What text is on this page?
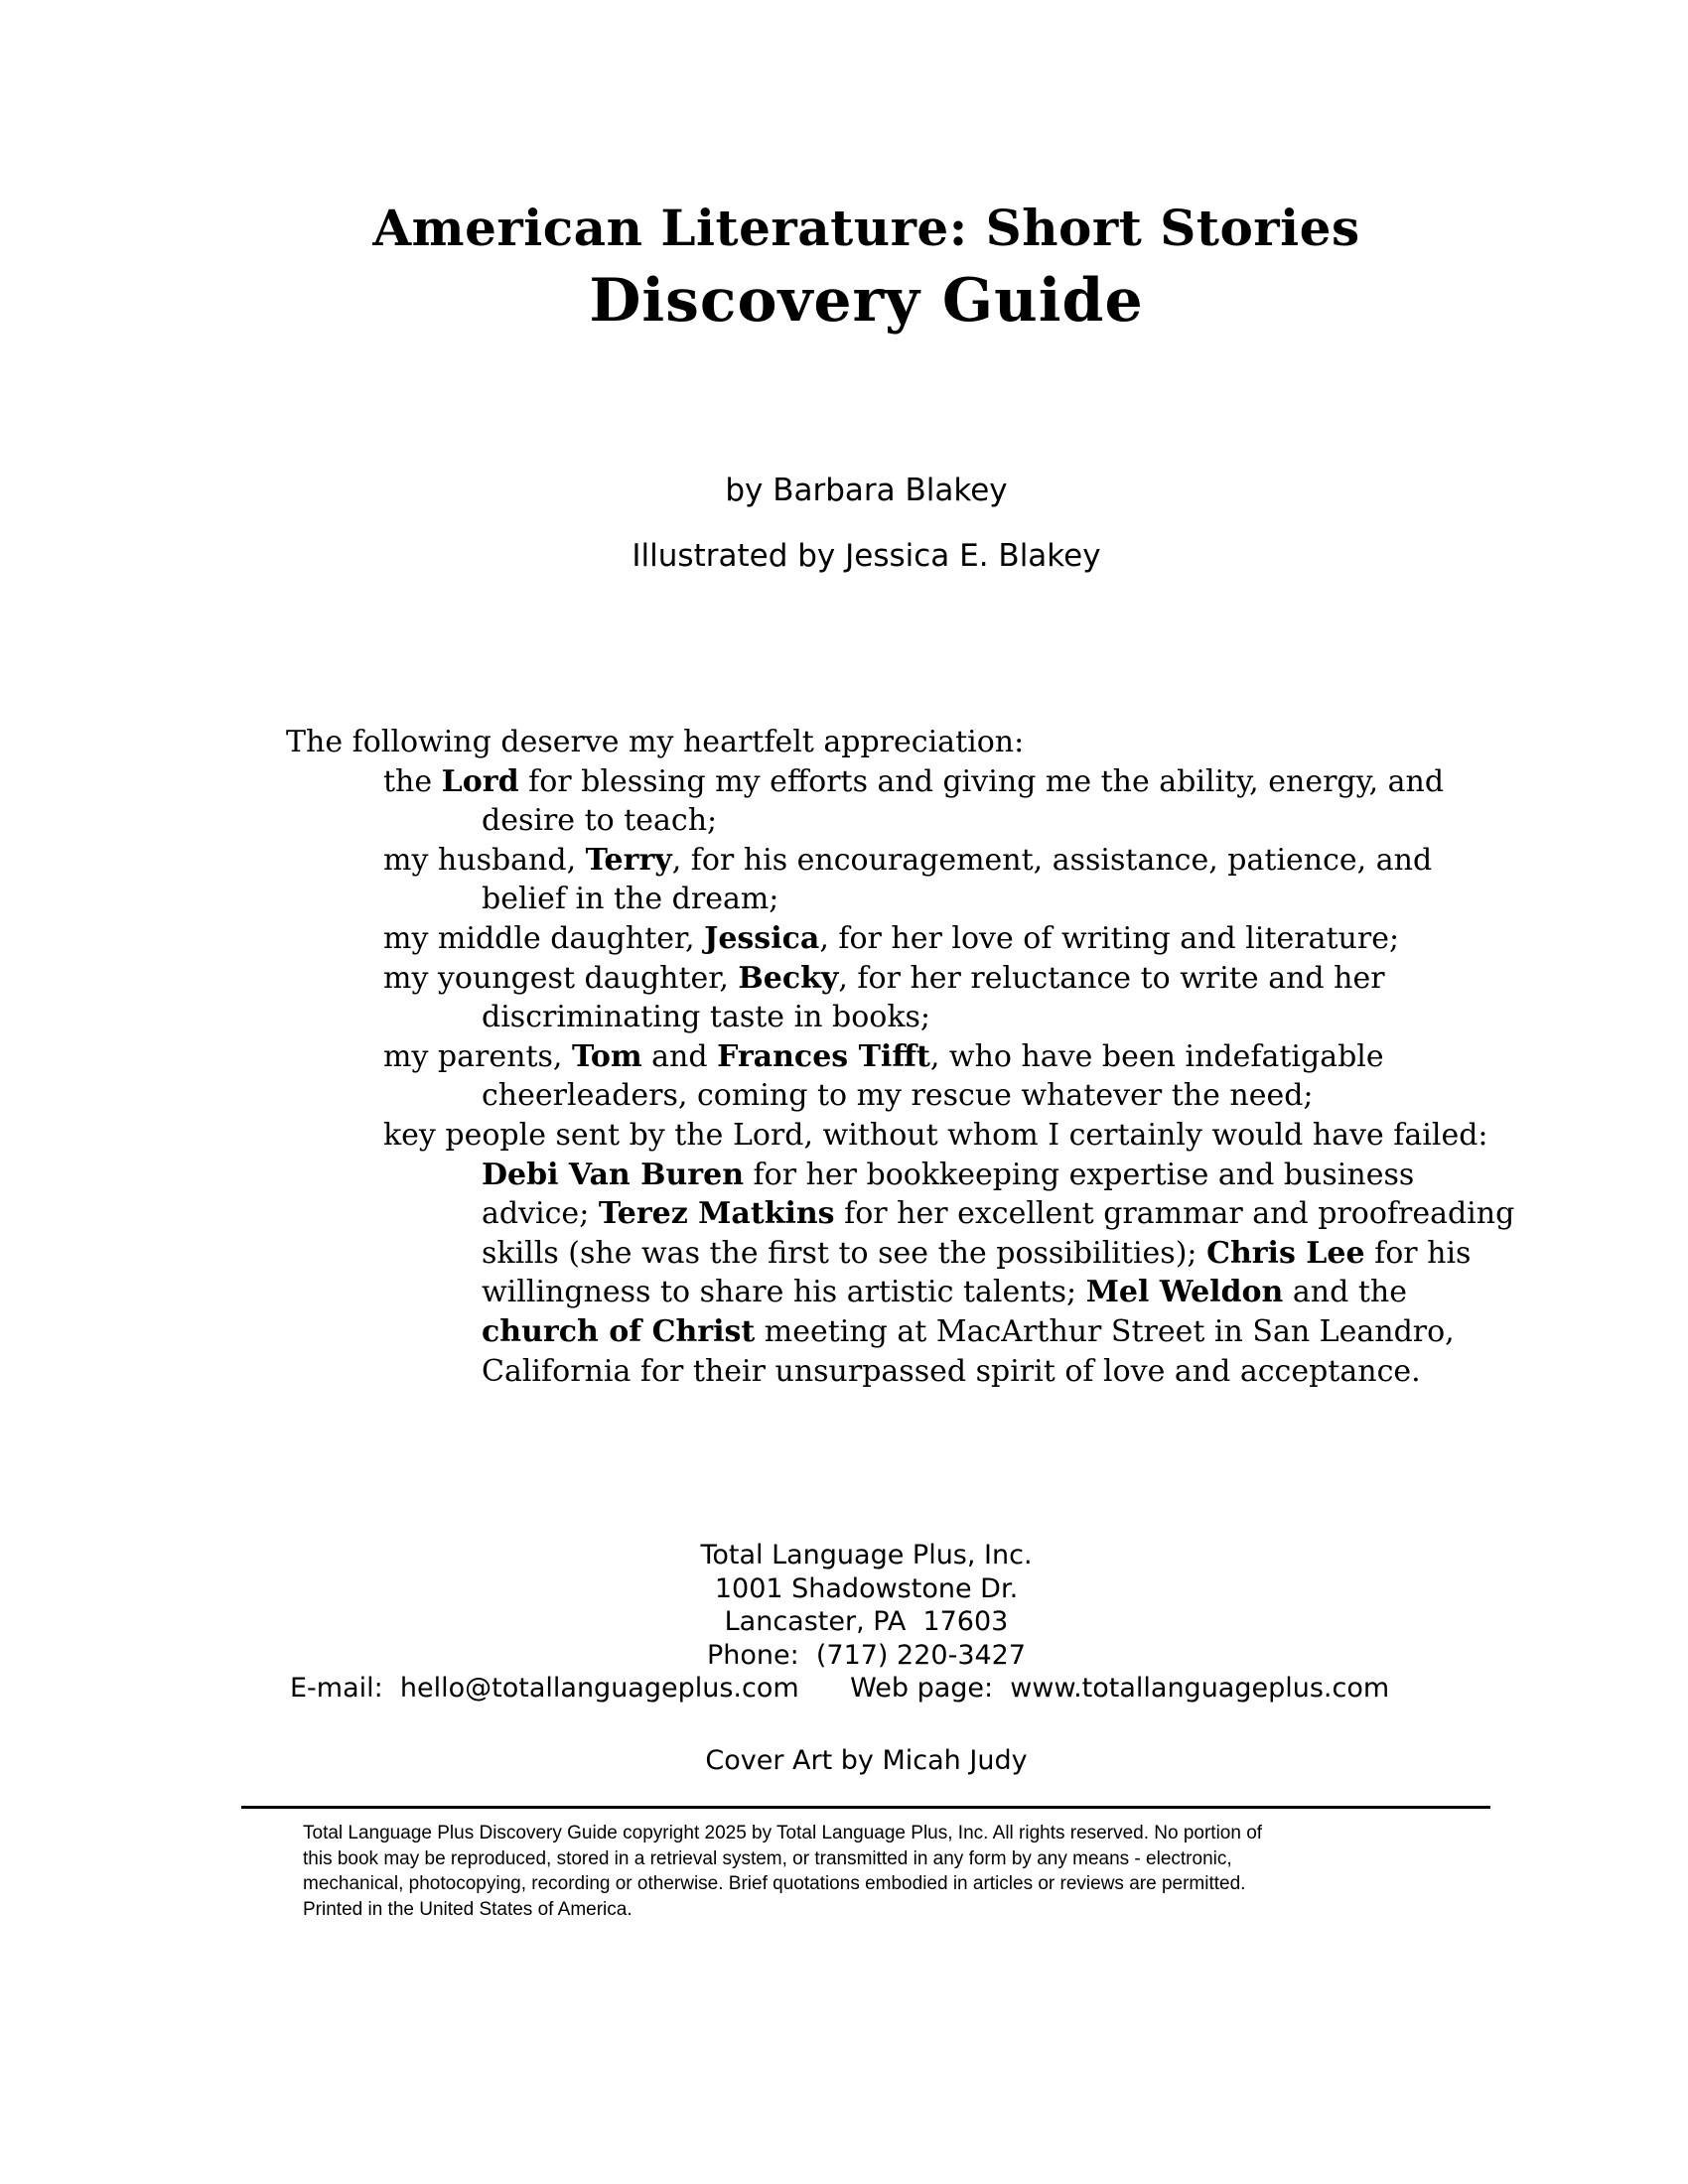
American Literature: Short Stories
Discovery Guide
by Barbara Blakey
Illustrated by Jessica E. Blakey

The following deserve my heartfelt appreciation:

the Lord for blessing my efforts and giving me the ability, energy, and desire to teach;

my husband, Terry, for his encouragement, assistance, patience, and belief in the dream;

my middle daughter, Jessica, for her love of writing and literature;

my youngest daughter, Becky, for her reluctance to write and her discriminating taste in books;

my parents, Tom and Frances Tifft, who have been indefatigable cheerleaders, coming to my rescue whatever the need;

key people sent by the Lord, without whom I certainly would have failed:

Debi Van Buren for her bookkeeping expertise and business advice; Terez Matkins for her excellent grammar and proofreading skills (she was the first to see the possibilities); Chris Lee for his willingness to share his artistic talents; Mel Weldon and the church of Christ meeting at MacArthur Street in San Leandro, California for their unsurpassed spirit of love and acceptance.

Total Language Plus, Inc.
1001 Shadowstone Dr.
Lancaster, PA  17603
Phone:  (717) 220-3427
E-mail:  hello@totallanguageplus.com      Web page:  www.totallanguageplus.com
Cover Art by Micah Judy
Total Language Plus Discovery Guide copyright 2025 by Total Language Plus, Inc. All rights reserved. No portion of
this book may be reproduced, stored in a retrieval system, or transmitted in any form by any means - electronic,
mechanical, photocopying, recording or otherwise. Brief quotations embodied in articles or reviews are permitted.
Printed in the United States of America.
